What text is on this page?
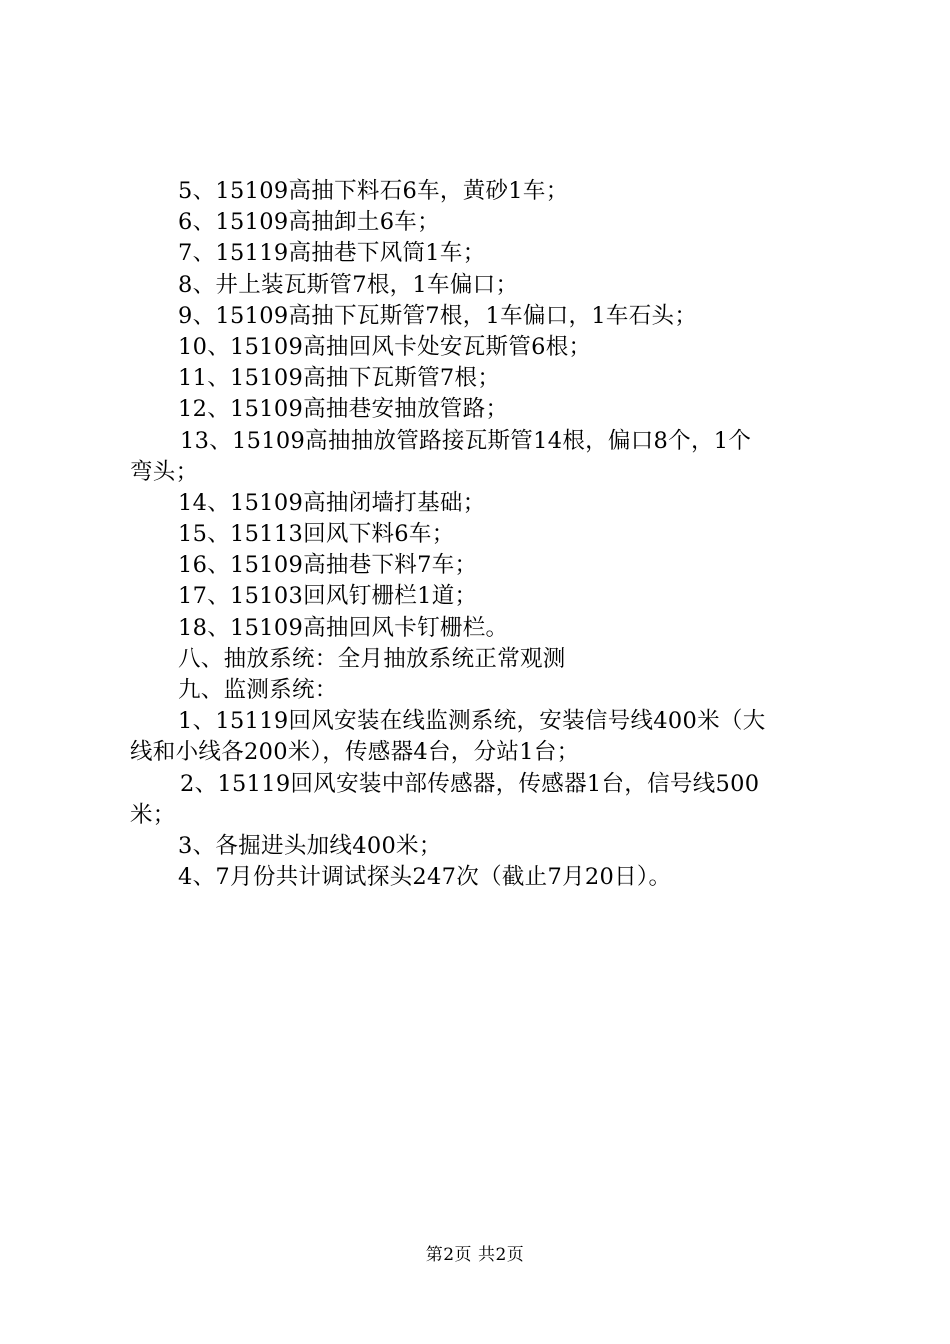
5、15109高抽下料石6车，黄砂1车；
6、15109高抽卸土6车；
7、15119高抽巷下风筒1车；
8、井上装瓦斯管7根，1车偏口；
9、15109高抽下瓦斯管7根，1车偏口，1车石头；
10、15109高抽回风卡处安瓦斯管6根；
11、15109高抽下瓦斯管7根；
12、15109高抽巷安抽放管路；
13、15109高抽抽放管路接瓦斯管14根，偏口8个，1个
弯头；
14、15109高抽闭墙打基础；
15、15113回风下料6车；
16、15109高抽巷下料7车；
17、15103回风钉栅栏1道；
18、15109高抽回风卡钉栅栏。
八、抽放系统：全月抽放系统正常观测
九、监测系统：
1、15119回风安装在线监测系统，安装信号线400米（大
线和小线各200米），传感器4台，分站1台；
2、15119回风安装中部传感器，传感器1台，信号线500
米；
3、各掘进头加线400米；
4、7月份共计调试探头247次（截止7月20日）。
第2页 共2页
